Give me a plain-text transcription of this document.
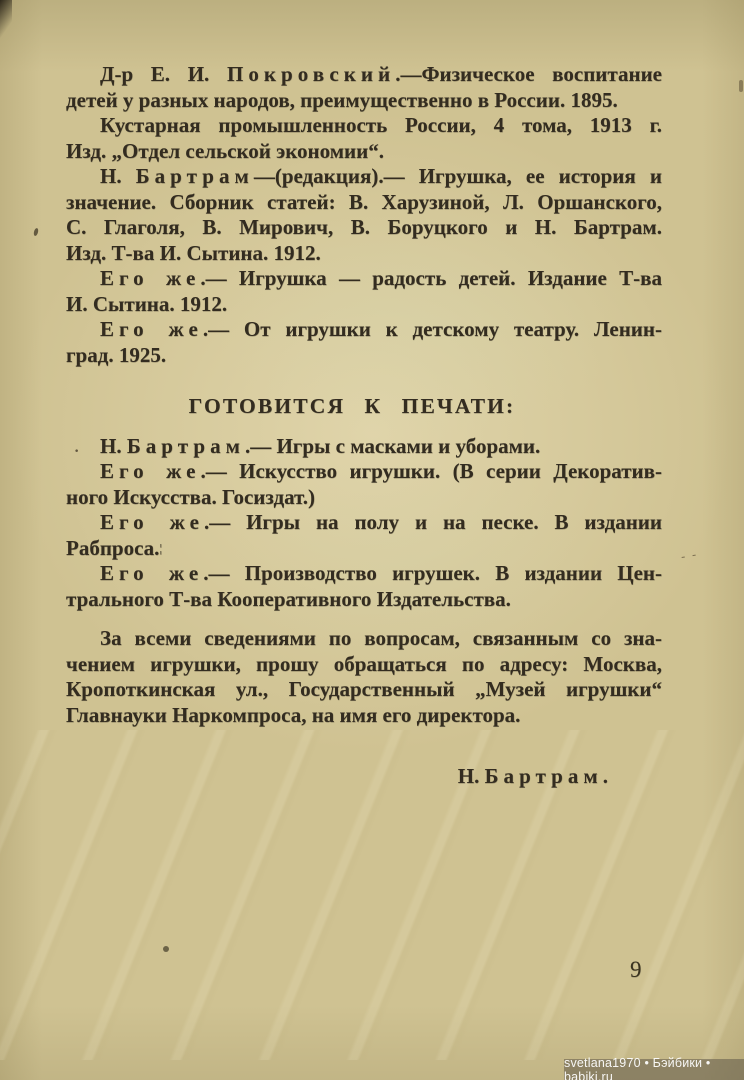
Д-р Е. И. Покровский.—Физическое воспитание
детей у разных народов, преимущественно в России. 1895.
Кустарная промышленность России, 4 тома, 1913 г.
Изд. „Отдел сельской экономии“.
Н. Бартрам—(редакция).— Игрушка, ее история и
значение. Сборник статей: В. Харузиной, Л. Оршанского,
С. Глаголя, В. Мирович, В. Боруцкого и Н. Бартрам.
Изд. Т-ва И. Сытина. 1912.
Его же.— Игрушка — радость детей. Издание Т-ва
И. Сытина. 1912.
Его же.— От игрушки к детскому театру. Ленин-
град. 1925.
ГОТОВИТСЯ К ПЕЧАТИ:
Н. Бартрам.— Игры с масками и уборами.
Его же.— Искусство игрушки. (В серии Декоратив-
ного Искусства. Госиздат.)
Его же.— Игры на полу и на песке. В издании
Рабпроса.¦
Его же.— Производство игрушек. В издании Цен-
трального Т-ва Кооперативного Издательства.
За всеми сведениями по вопросам, связанным со зна-
чением игрушки, прошу обращаться по адресу: Москва,
Кропоткинская ул., Государственный „Музей игрушки“
Главнауки Наркомпроса, на имя его директора.
Н. Бартрам.
·
- -
9
svetlana1970 • Бэйбики • babiki.ru
